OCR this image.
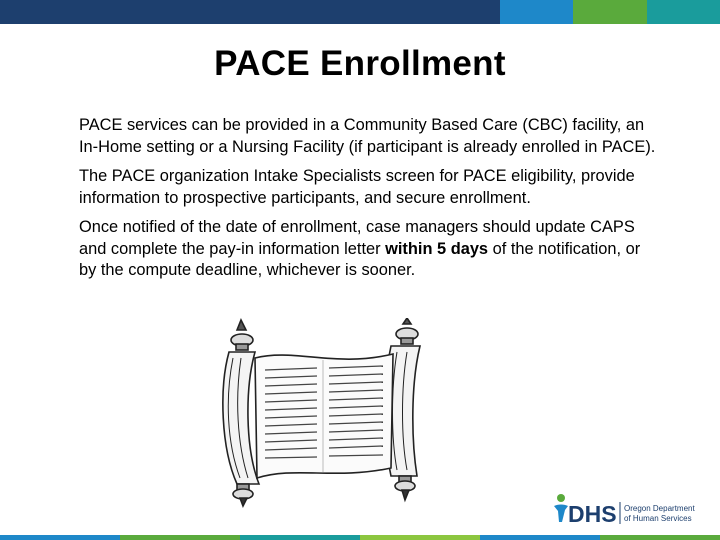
PACE Enrollment

PACE services can be provided in a Community Based Care (CBC) facility, an In-Home setting or a Nursing Facility (if participant is already enrolled in PACE).

The PACE organization Intake Specialists screen for PACE eligibility, provide information to prospective participants, and secure enrollment.

Once notified of the date of enrollment, case managers should update CAPS and complete the pay-in information letter within 5 days of the notification, or by the compute deadline, whichever is sooner.

DHS Oregon Department
of Human Services
